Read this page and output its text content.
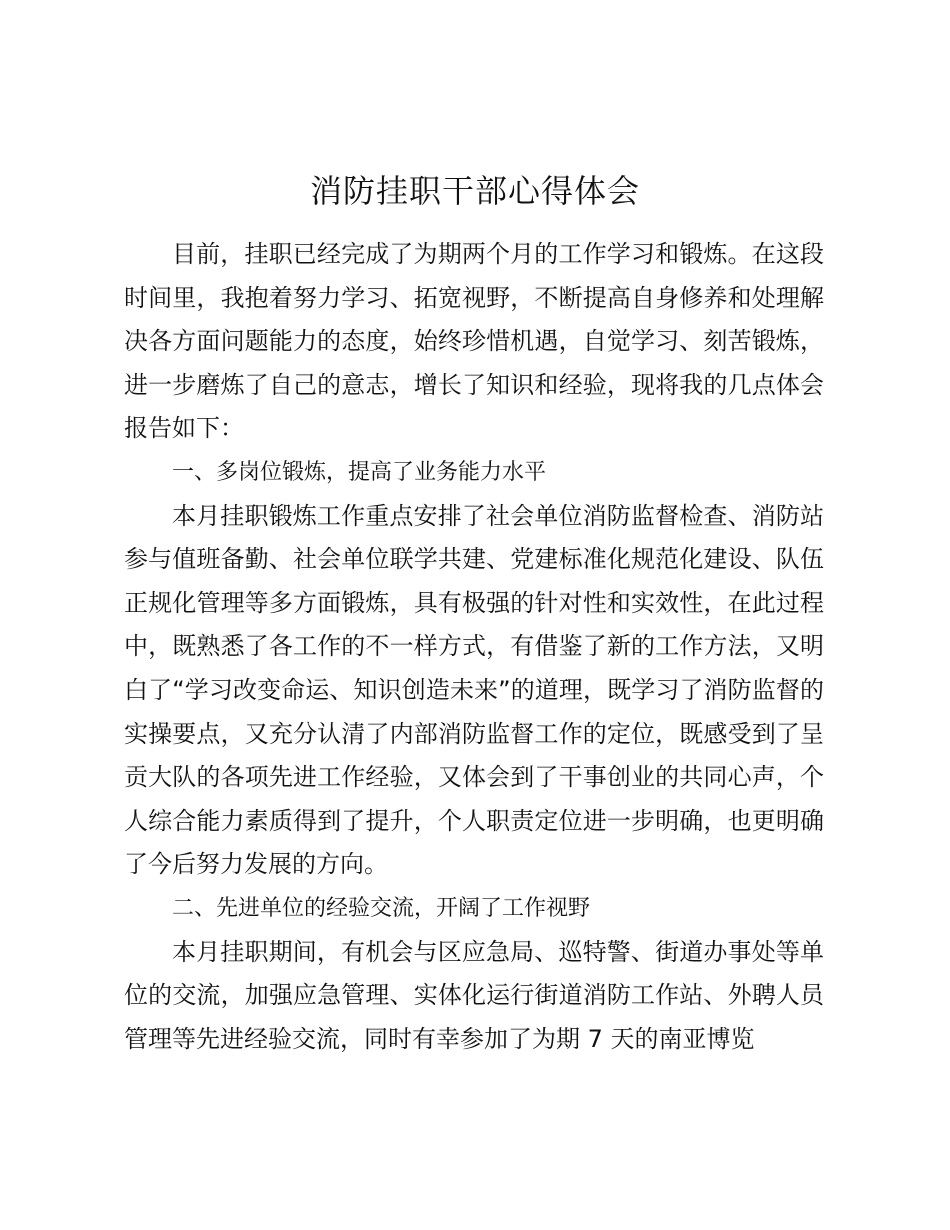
消防挂职干部心得体会

目前，挂职已经完成了为期两个月的工作学习和锻炼。在这段时间里，我抱着努力学习、拓宽视野，不断提高自身修养和处理解决各方面问题能力的态度，始终珍惜机遇，自觉学习、刻苦锻炼，进一步磨炼了自己的意志，增长了知识和经验，现将我的几点体会报告如下：

一、多岗位锻炼，提高了业务能力水平

本月挂职锻炼工作重点安排了社会单位消防监督检查、消防站参与值班备勤、社会单位联学共建、党建标准化规范化建设、队伍正规化管理等多方面锻炼，具有极强的针对性和实效性，在此过程中，既熟悉了各工作的不一样方式，有借鉴了新的工作方法，又明白了“学习改变命运、知识创造未来”的道理，既学习了消防监督的实操要点，又充分认清了内部消防监督工作的定位，既感受到了呈贡大队的各项先进工作经验，又体会到了干事创业的共同心声，个人综合能力素质得到了提升，个人职责定位进一步明确，也更明确了今后努力发展的方向。

二、先进单位的经验交流，开阔了工作视野

本月挂职期间，有机会与区应急局、巡特警、街道办事处等单位的交流，加强应急管理、实体化运行街道消防工作站、外聘人员管理等先进经验交流，同时有幸参加了为期 7 天的南亚博览
